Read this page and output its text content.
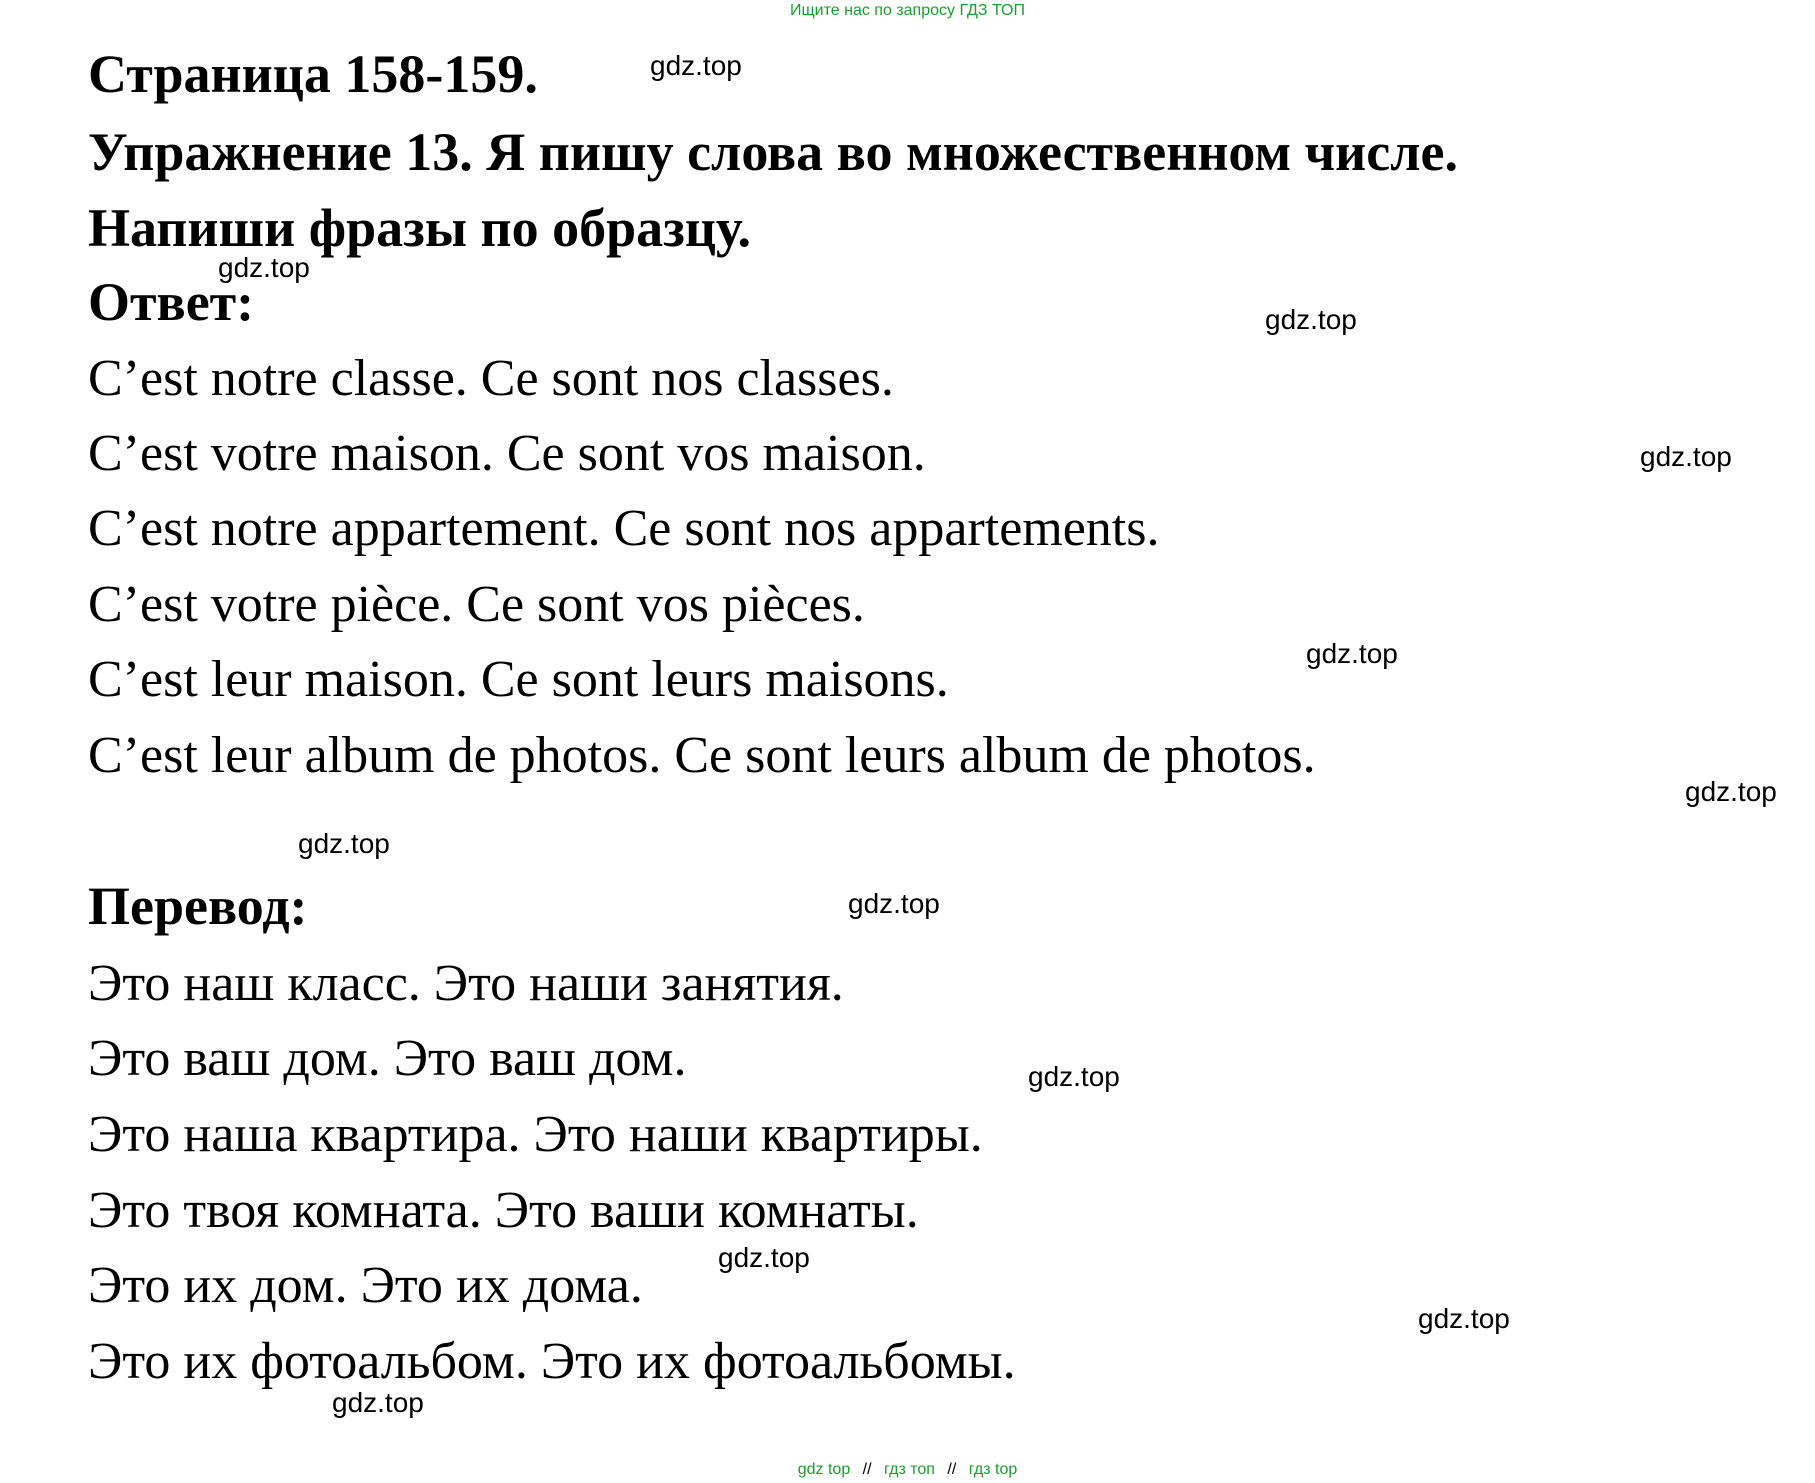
Ищите нас по запросу ГДЗ ТОП
Страница 158-159.
Упражнение 13. Я пишу слова во множественном числе.
Напиши фразы по образцу.
Ответ:
C’est notre classe. Ce sont nos classes.
C’est votre maison. Ce sont vos maison.
C’est notre appartement. Ce sont nos appartements.
C’est votre pièce. Ce sont vos pièces.
C’est leur maison. Ce sont leurs maisons.
C’est leur album de photos. Ce sont leurs album de photos.
Перевод:
Это наш класс. Это наши занятия.
Это ваш дом. Это ваш дом.
Это наша квартира. Это наши квартиры.
Это твоя комната. Это ваши комнаты.
Это их дом. Это их дома.
Это их фотоальбом. Это их фотоальбомы.
gdz.top
gdz.top
gdz.top
gdz.top
gdz.top
gdz.top
gdz.top
gdz.top
gdz.top
gdz.top
gdz.top
gdz.top
gdz top // гдз топ // гдз top
